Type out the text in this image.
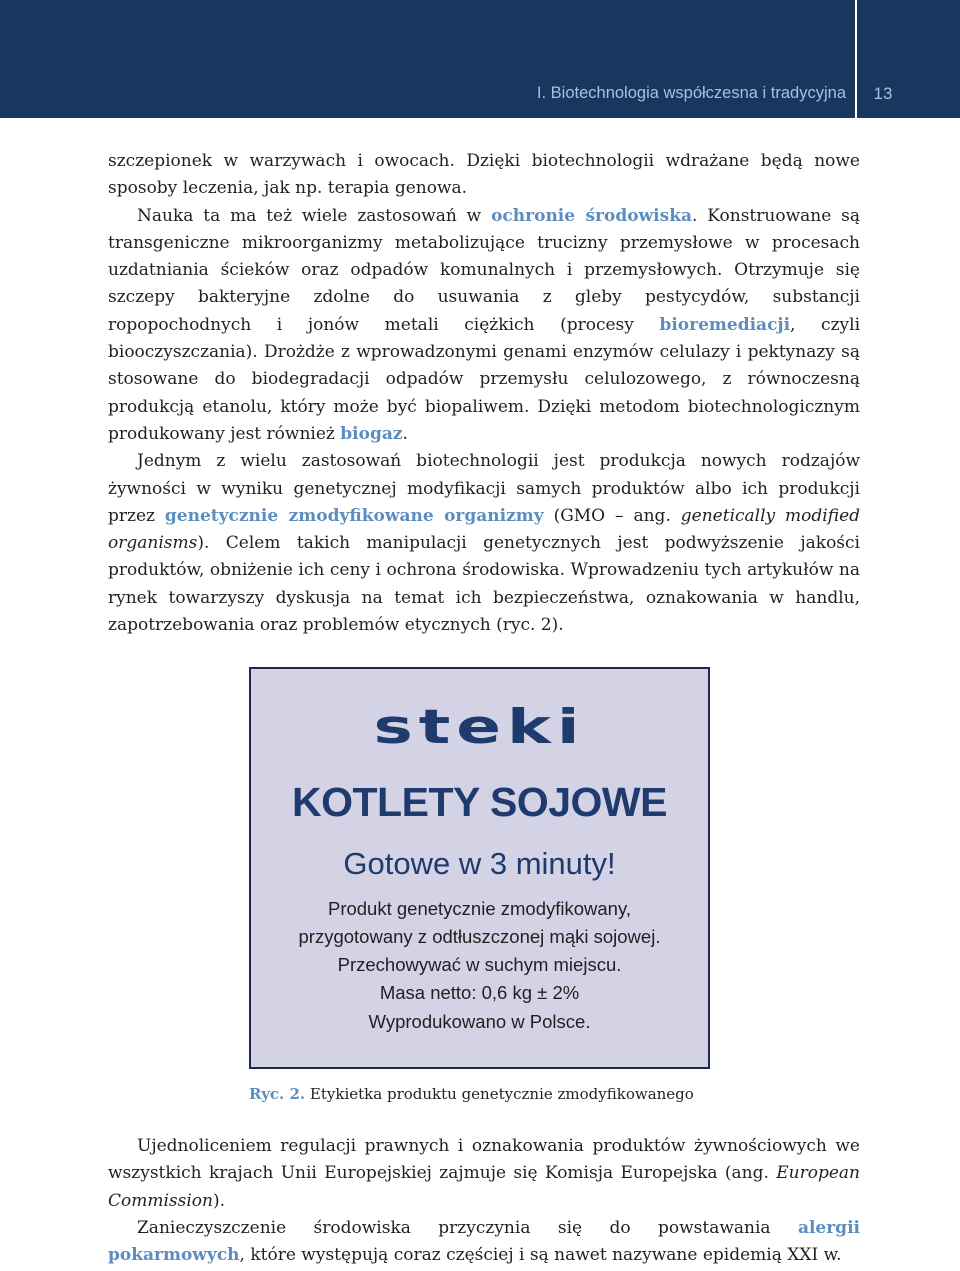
I. Biotechnologia współczesna i tradycyjna	13

szczepionek w warzywach i owocach. Dzięki biotechnologii wdrażane będą nowe sposoby leczenia, jak np. terapia genowa.

Nauka ta ma też wiele zastosowań w ochronie środowiska. Konstruowane są transgeniczne mikroorganizmy metabolizujące trucizny przemysłowe w procesach uzdatniania ścieków oraz odpadów komunalnych i przemysłowych. Otrzymuje się szczepy bakteryjne zdolne do usuwania z gleby pestycydów, substancji ropopochodnych i jonów metali ciężkich (procesy bioremediacji, czyli biooczyszczania). Drożdże z wprowadzonymi genami enzymów celulazy i pektynazy są stosowane do biodegradacji odpadów przemysłu celulozowego, z równoczesną produkcją etanolu, który może być biopaliwem. Dzięki metodom biotechnologicznym produkowany jest również biogaz.

Jednym z wielu zastosowań biotechnologii jest produkcja nowych rodzajów żywności w wyniku genetycznej modyfikacji samych produktów albo ich produkcji przez genetycznie zmodyfikowane organizmy (GMO – ang. genetically modified organisms). Celem takich manipulacji genetycznych jest podwyższenie jakości produktów, obniżenie ich ceny i ochrona środowiska. Wprowadzeniu tych artykułów na rynek towarzyszy dyskusja na temat ich bezpieczeństwa, oznakowania w handlu, zapotrzebowania oraz problemów etycznych (ryc. 2).

steki
KOTLETY SOJOWE
Gotowe w 3 minuty!
Produkt genetycznie zmodyfikowany,
przygotowany z odtłuszczonej mąki sojowej.
Przechowywać w suchym miejscu.
Masa netto: 0,6 kg ± 2%
Wyprodukowano w Polsce.
Ryc. 2. Etykietka produktu genetycznie zmodyfikowanego

Ujednoliceniem regulacji prawnych i oznakowania produktów żywnościowych we wszystkich krajach Unii Europejskiej zajmuje się Komisja Europejska (ang. European Commission).

Zanieczyszczenie środowiska przyczynia się do powstawania alergii pokarmowych, które występują coraz częściej i są nawet nazywane epidemią XXI w.
